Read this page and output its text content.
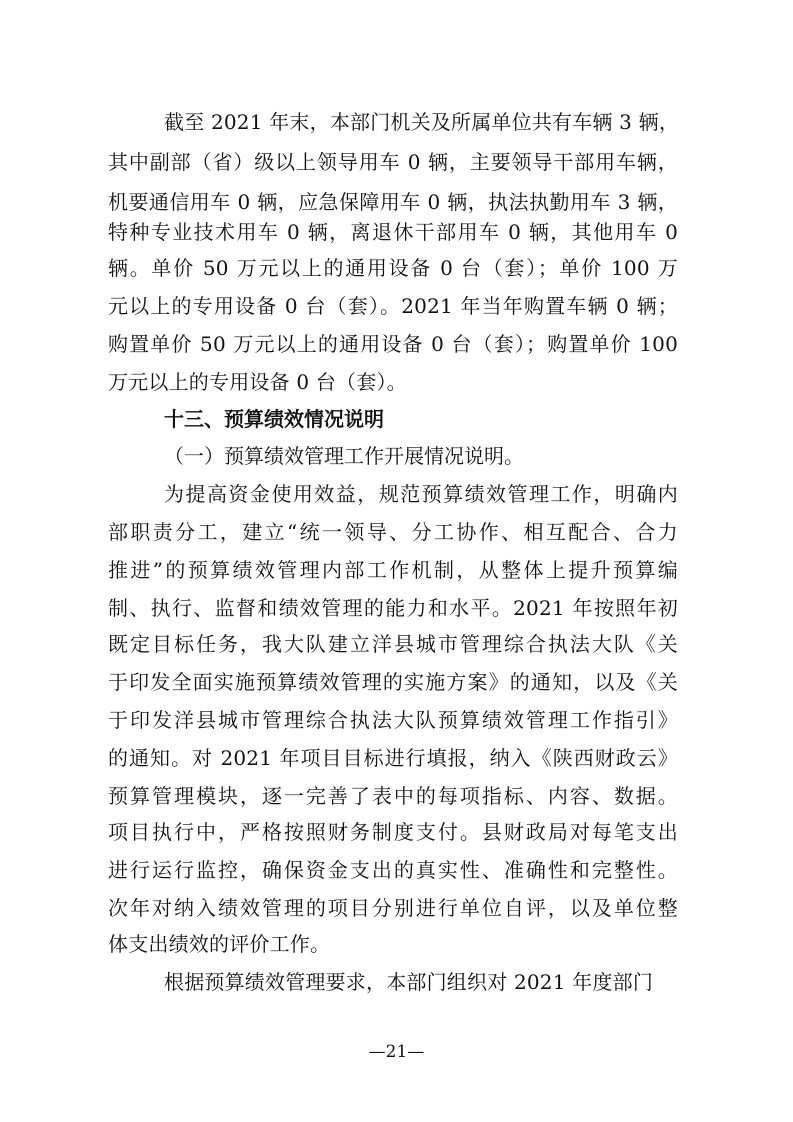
截至 2021 年末，本部门机关及所属单位共有车辆 3 辆，
其中副部（省）级以上领导用车 0 辆，主要领导干部用车辆，
机要通信用车 0 辆，应急保障用车 0 辆，执法执勤用车 3 辆，
特种专业技术用车 0 辆，离退休干部用车 0 辆，其他用车 0
辆。单价 50 万元以上的通用设备 0 台（套）；单价 100 万
元以上的专用设备 0 台（套）。2021 年当年购置车辆 0 辆；
购置单价 50 万元以上的通用设备 0 台（套）；购置单价 100
万元以上的专用设备 0 台（套）。
十三、预算绩效情况说明
（一）预算绩效管理工作开展情况说明。
为提高资金使用效益，规范预算绩效管理工作，明确内
部职责分工，建立“统一领导、分工协作、相互配合、合力
推进”的预算绩效管理内部工作机制，从整体上提升预算编
制、执行、监督和绩效管理的能力和水平。2021 年按照年初
既定目标任务，我大队建立洋县城市管理综合执法大队《关
于印发全面实施预算绩效管理的实施方案》的通知，以及《关
于印发洋县城市管理综合执法大队预算绩效管理工作指引》
的通知。对 2021 年项目目标进行填报，纳入《陕西财政云》
预算管理模块，逐一完善了表中的每项指标、内容、数据。
项目执行中，严格按照财务制度支付。县财政局对每笔支出
进行运行监控，确保资金支出的真实性、准确性和完整性。
次年对纳入绩效管理的项目分别进行单位自评，以及单位整
体支出绩效的评价工作。
根据预算绩效管理要求，本部门组织对 2021 年度部门
—21—
